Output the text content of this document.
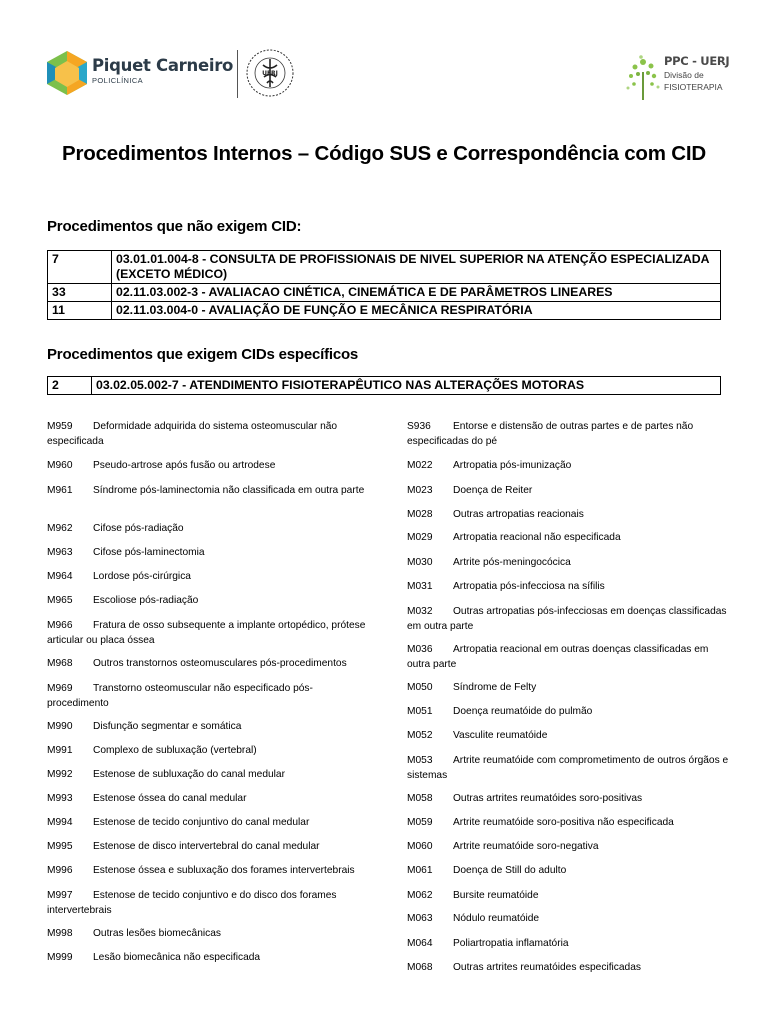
Piquet Carneiro
POLICLÍNICA
UERJ
PPC - UERJ
Divisão de
FISIOTERAPIA
Procedimentos Internos – Código SUS e Correspondência com CID
Procedimentos que não exigem CID:
7	03.01.01.004-8 - CONSULTA DE PROFISSIONAIS DE NIVEL SUPERIOR NA ATENÇÃO ESPECIALIZADA (EXCETO MÉDICO)
33	02.11.03.002-3 - AVALIACAO CINÉTICA, CINEMÁTICA E DE PARÂMETROS LINEARES
11	02.11.03.004-0 - AVALIAÇÃO DE FUNÇÃO E MECÂNICA RESPIRATÓRIA
Procedimentos que exigem CIDs específicos
2	03.02.05.002-7 - ATENDIMENTO FISIOTERAPÊUTICO NAS ALTERAÇÕES MOTORAS
M959 Deformidade adquirida do sistema osteomuscular não especificada
M960 Pseudo-artrose após fusão ou artrodese
M961 Síndrome pós-laminectomia não classificada em outra parte
M962 Cifose pós-radiação
M963 Cifose pós-laminectomia
M964 Lordose pós-cirúrgica
M965 Escoliose pós-radiação
M966 Fratura de osso subsequente a implante ortopédico, prótese articular ou placa óssea
M968 Outros transtornos osteomusculares pós-procedimentos
M969 Transtorno osteomuscular não especificado pós-procedimento
M990 Disfunção segmentar e somática
M991 Complexo de subluxação (vertebral)
M992 Estenose de subluxação do canal medular
M993 Estenose óssea do canal medular
M994 Estenose de tecido conjuntivo do canal medular
M995 Estenose de disco intervertebral do canal medular
M996 Estenose óssea e subluxação dos forames intervertebrais
M997 Estenose de tecido conjuntivo e do disco dos forames intervertebrais
M998 Outras lesões biomecânicas
M999 Lesão biomecânica não especificada
S936 Entorse e distensão de outras partes e de partes não especificadas do pé
M022 Artropatia pós-imunização
M023 Doença de Reiter
M028 Outras artropatias reacionais
M029 Artropatia reacional não especificada
M030 Artrite pós-meningocócica
M031 Artropatia pós-infecciosa na sífilis
M032 Outras artropatias pós-infecciosas em doenças classificadas em outra parte
M036 Artropatia reacional em outras doenças classificadas em outra parte
M050 Síndrome de Felty
M051 Doença reumatóide do pulmão
M052 Vasculite reumatóide
M053 Artrite reumatóide com comprometimento de outros órgãos e sistemas
M058 Outras artrites reumatóides soro-positivas
M059 Artrite reumatóide soro-positiva não especificada
M060 Artrite reumatóide soro-negativa
M061 Doença de Still do adulto
M062 Bursite reumatóide
M063 Nódulo reumatóide
M064 Poliartropatia inflamatória
M068 Outras artrites reumatóides especificadas
